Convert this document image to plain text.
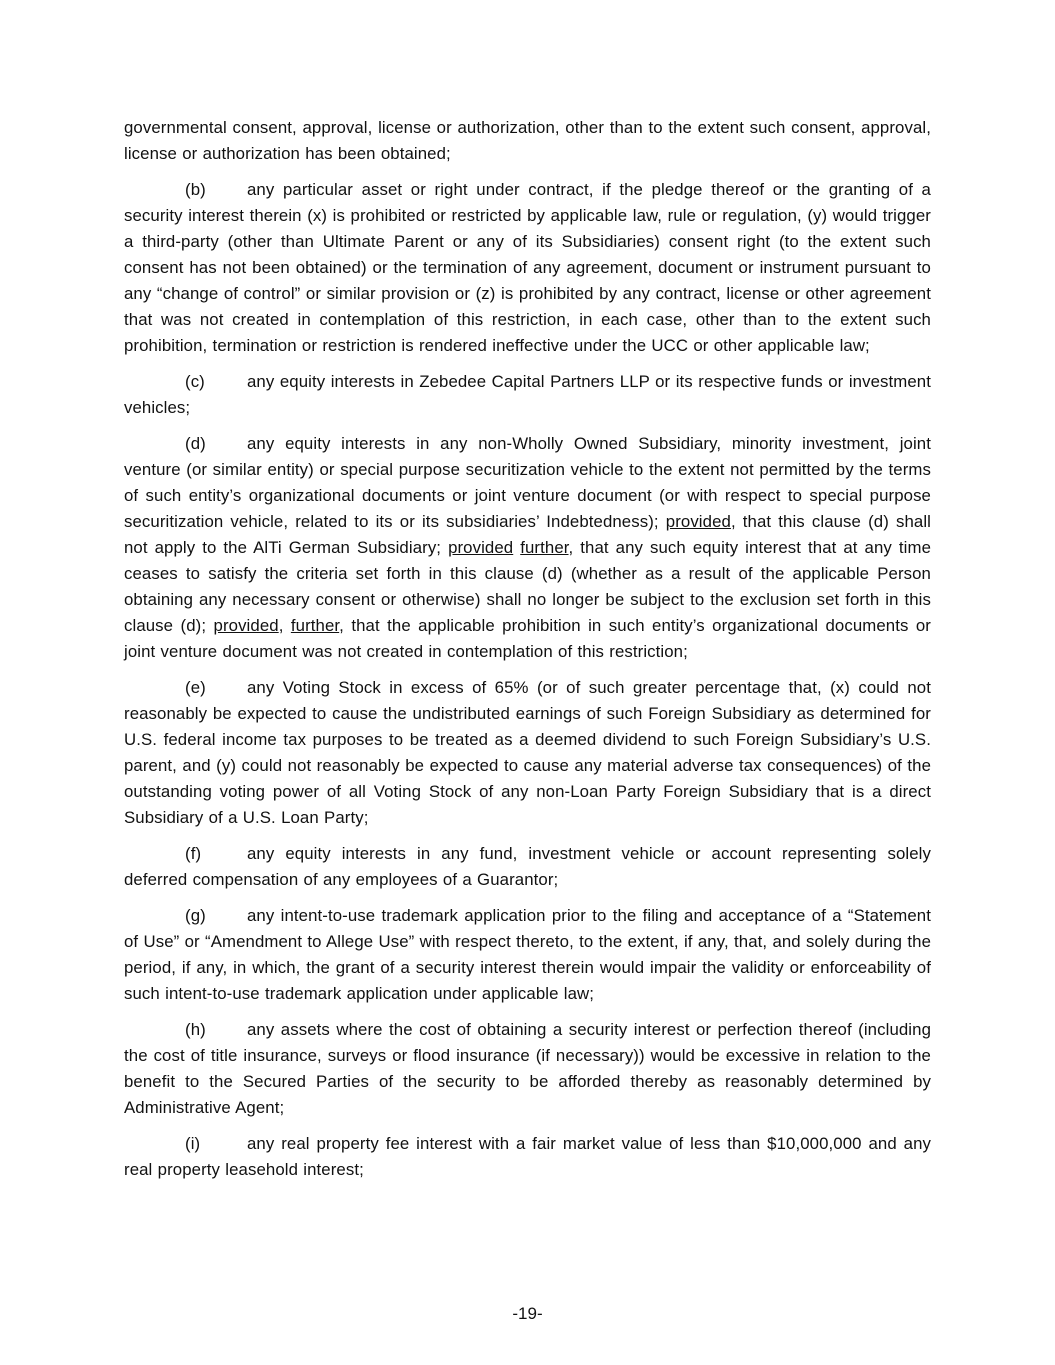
governmental consent, approval, license or authorization, other than to the extent such consent, approval, license or authorization has been obtained;

(b) any particular asset or right under contract, if the pledge thereof or the granting of a security interest therein (x) is prohibited or restricted by applicable law, rule or regulation, (y) would trigger a third-party (other than Ultimate Parent or any of its Subsidiaries) consent right (to the extent such consent has not been obtained) or the termination of any agreement, document or instrument pursuant to any “change of control” or similar provision or (z) is prohibited by any contract, license or other agreement that was not created in contemplation of this restriction, in each case, other than to the extent such prohibition, termination or restriction is rendered ineffective under the UCC or other applicable law;

(c)	any equity interests in Zebedee Capital Partners LLP or its respective funds or investment vehicles;

(d) any equity interests in any non-Wholly Owned Subsidiary, minority investment, joint venture (or similar entity) or special purpose securitization vehicle to the extent not permitted by the terms of such entity’s organizational documents or joint venture document (or with respect to special purpose securitization vehicle, related to its or its subsidiaries’ Indebtedness); provided, that this clause (d) shall not apply to the AlTi German Subsidiary; provided further, that any such equity interest that at any time ceases to satisfy the criteria set forth in this clause (d) (whether as a result of the applicable Person obtaining any necessary consent or otherwise) shall no longer be subject to the exclusion set forth in this clause (d); provided, further, that the applicable prohibition in such entity’s organizational documents or joint venture document was not created in contemplation of this restriction;

(e) any Voting Stock in excess of 65% (or of such greater percentage that, (x) could not reasonably be expected to cause the undistributed earnings of such Foreign Subsidiary as determined for U.S. federal income tax purposes to be treated as a deemed dividend to such Foreign Subsidiary’s U.S. parent, and (y) could not reasonably be expected to cause any material adverse tax consequences) of the outstanding voting power of all Voting Stock of any non-Loan Party Foreign Subsidiary that is a direct Subsidiary of a U.S. Loan Party;

(f)	any equity interests in any fund, investment vehicle or account representing solely deferred compensation of any employees of a Guarantor;

(g) any intent-to-use trademark application prior to the filing and acceptance of a “Statement of Use” or “Amendment to Allege Use” with respect thereto, to the extent, if any, that, and solely during the period, if any, in which, the grant of a security interest therein would impair the validity or enforceability of such intent-to-use trademark application under applicable law;

(h) any assets where the cost of obtaining a security interest or perfection thereof (including the cost of title insurance, surveys or flood insurance (if necessary)) would be excessive in relation to the benefit to the Secured Parties of the security to be afforded thereby as reasonably determined by Administrative Agent;

(i)	any real property fee interest with a fair market value of less than $10,000,000 and any real property leasehold interest;

-19-
